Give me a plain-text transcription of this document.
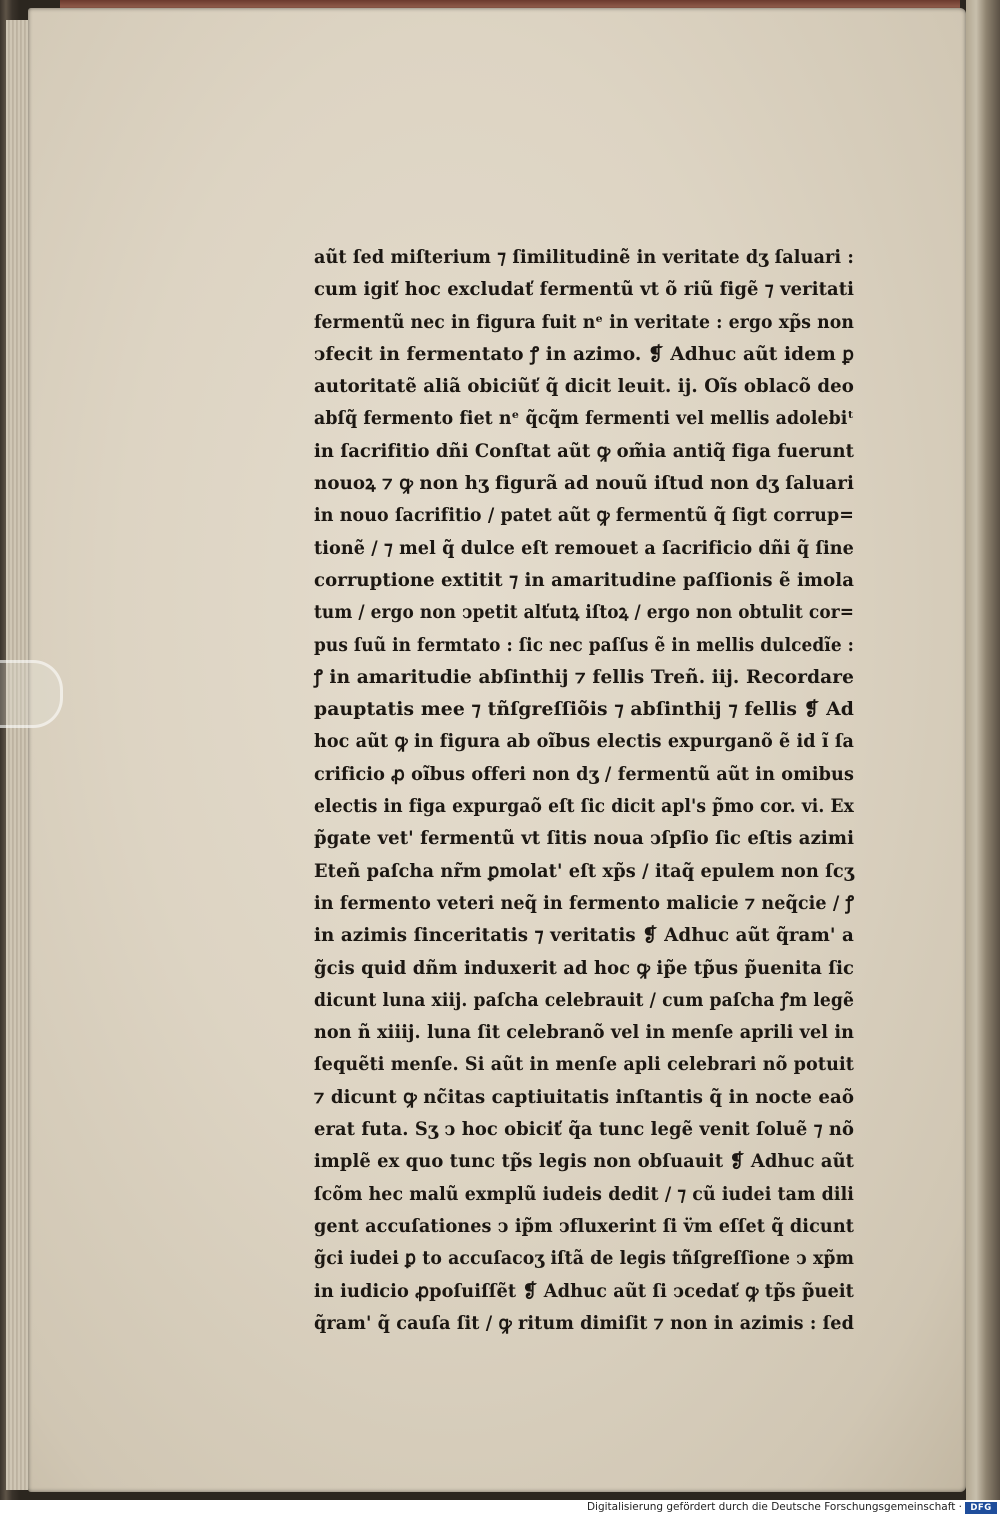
aũt ſed miſterium ⁊ ſimilitudinẽ in veritate dʒ ſaluari :
cum igiť hoc excludať fermentũ vt õ riũ figẽ ⁊ veritati
fermentũ nec in figura fuit nᵉ in veritate : ergo xp̃s non
ↄfecit in fermentato ꝭ in azimo. ❡ Adhuc aũt idem ꝑ
autoritatẽ aliã obiciũť q̃ dicit leuit. ij. Oĩs oblacõ deo
abſq̃ fermento fiet nᵉ q̃cq̃m fermenti vel mellis adolebiᵗ
in ſacrifitio dñi Conſtat aũt ꝙ om̃ia antiq̃ figa fuerunt
nouoꝝ ⁊ ꝙ non hʒ figurã ad nouũ iſtud non dʒ ſaluari
in nouo ſacrifitio / patet aũt ꝙ fermentũ q̃ ſigt corrup=
tionẽ / ⁊ mel q̃ dulce eſt remouet a ſacrificio dñi q̃ ſine
corruptione extitit ⁊ in amaritudine paſſionis ẽ imola
tum / ergo non ↄpetit alťutꝝ iſtoꝝ / ergo non obtulit cor=
pus ſuũ in fermtato : ſic nec paſſus ẽ in mellis dulcedĩe :
ꝭ in amaritudie abſinthij ⁊ fellis Treñ. iij. Recordare
pauptatis mee ⁊ tñſgreſſiõis ⁊ abſinthij ⁊ fellis ❡ Ad
hoc aũt ꝙ in figura ab oĩbus electis expurganõ ẽ id ĩ ſa
crificio ꝓ oĩbus offeri non dʒ / fermentũ aũt in omibus
electis in figa expurgaõ eſt ſic dicit apl's p̃mo cor. vi. Ex
p̃gate vet' fermentũ vt ſitis noua ↄſpſio ſic eſtis azimi
Eteñ paſcha nr̃m ꝑmolat' eſt xp̃s / itaq̃ epulem non ſcʒ
in fermento veteri neq̃ in fermento malicie ⁊ neq̃cie / ꝭ
in azimis ſinceritatis ⁊ veritatis ❡ Adhuc aũt q̃ram' a
g̃cis quid dñm induxerit ad hoc ꝙ ip̃e tp̃us p̃uenita ſic
dicunt luna xiij. paſcha celebrauit / cum paſcha ꝭm legẽ
non ñ xiiij. luna ſit celebranõ vel in menſe aprili vel in
ſequẽti menſe. Si aũt in menſe apli celebrari nõ potuit
⁊ dicunt ꝙ nc̃itas captiuitatis inſtantis q̃ in nocte eaõ
erat futa. Sʒ ↄ hoc obiciť q̃a tunc legẽ venit ſoluẽ ⁊ nõ
implẽ ex quo tunc tp̃s legis non obſuauit ❡ Adhuc aũt
ſcõm hec malũ exmplũ iudeis dedit / ⁊ cũ iudei tam dili
gent accuſationes ↄ ip̃m ↄfluxerint ſi v̈m eſſet q̃ dicunt
g̃ci iudei ꝑ to accuſacoʒ iſtã de legis tñſgreſſione ↄ xp̃m
in iudicio ꝓpoſuiſſẽt ❡ Adhuc aũt ſi ↄcedať ꝙ tp̃s p̃ueit
q̃ram' q̃ cauſa ſit / ꝙ ritum dimiſit ⁊ non in azimis : ſed
Digitalisierung gefördert durch die Deutsche Forschungsgemeinschaft · DFG
